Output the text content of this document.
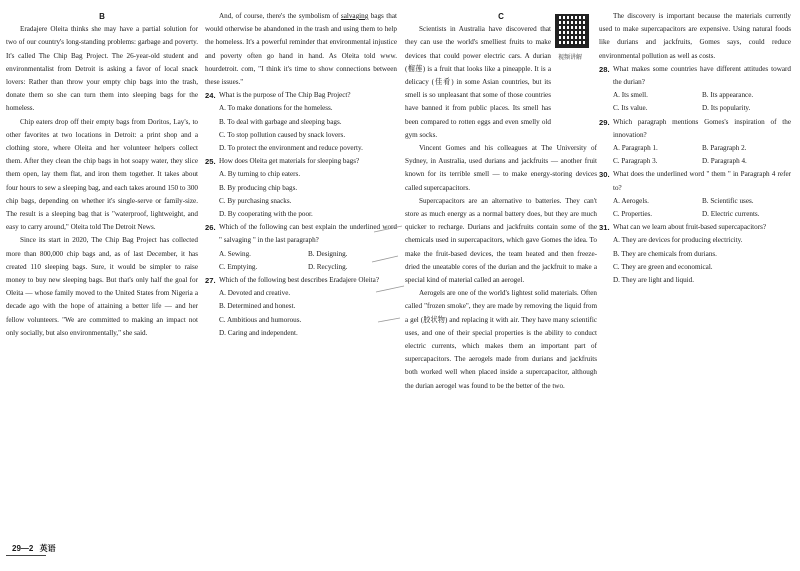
B

Eradajere Oleita thinks she may have a partial solution for two of our country's long-standing problems: garbage and poverty. It's called The Chip Bag Project. The 26-year-old student and environmentalist from Detroit is asking a favor of local snack lovers: Rather than throw your empty chip bags into the trash, donate them so she can turn them into sleeping bags for the homeless.

Chip eaters drop off their empty bags from Doritos, Lay's, to other favorites at two locations in Detroit: a print shop and a clothing store, where Oleita and her volunteer helpers collect them. After they clean the chip bags in hot soapy water, they slice them open, lay them flat, and iron them together. It takes about four hours to sew a sleeping bag, and each takes around 150 to 300 chip bags, depending on whether it's single-serve or family-size. The result is a sleeping bag that is "waterproof, lightweight, and easy to carry around," Oleita told The Detroit News.

Since its start in 2020, The Chip Bag Project has collected more than 800,000 chip bags and, as of last December, it has created 110 sleeping bags. Sure, it would be simpler to raise money to buy new sleeping bags. But that's only half the goal for Oleita — whose family moved to the United States from Nigeria a decade ago with the hope of attaining a better life — and her fellow volunteers. "We are committed to making an impact not only socially, but also environmentally," she said.

And, of course, there's the symbolism of salvaging bags that would otherwise be abandoned in the trash and using them to help the homeless. It's a powerful reminder that environmental injustice and poverty often go hand in hand. As Oleita told www. hourdetroit. com, "I think it's time to show connections between these issues."

24. What is the purpose of The Chip Bag Project?
A. To make donations for the homeless.
B. To deal with garbage and sleeping bags.
C. To stop pollution caused by snack lovers.
D. To protect the environment and reduce poverty.
25. How does Oleita get materials for sleeping bags?
A. By turning to chip eaters.
B. By producing chip bags.
C. By purchasing snacks.
D. By cooperating with the poor.
26. Which of the following can best explain the underlined word " salvaging " in the last paragraph?
A. Sewing.	B. Designing.
C. Emptying.	D. Recycling.
27. Which of the following best describes Eradajere Oleita?
A. Devoted and creative.
B. Determined and honest.
C. Ambitious and humorous.
D. Caring and independent.

C

Scientists in Australia have discovered that they can use the world's smelliest fruits to make devices that could power electric cars. A durian (榴莲) is a fruit that looks like a pineapple. It is a delicacy (佳肴) in some Asian countries, but its smell is so unpleasant that some of those countries have banned it from public places. Its smell has been compared to rotten eggs and even smelly old gym socks.

Vincent Gomes and his colleagues at The University of Sydney, in Australia, used durians and jackfruits — another fruit known for its terrible smell — to make energy-storing devices called supercapacitors.

Supercapacitors are an alternative to batteries. They can't store as much energy as a normal battery does, but they are much quicker to recharge. Durians and jackfruits contain some of the chemicals used in supercapacitors, which gave Gomes the idea. To make the fruit-based devices, the team heated and then freeze-dried the uneatable cores of the durian and the jackfruit to make a special kind of material called an aerogel.

Aerogels are one of the world's lightest solid materials. Often called "frozen smoke", they are made by removing the liquid from a gel (胶状物) and replacing it with air. They have many scientific uses, and one of their special properties is the ability to conduct electric currents, which makes them an important part of supercapacitors. The aerogels made from durians and jackfruits both worked well when placed inside a supercapacitor, although the durian aerogel was found to be the better of the two.

视频讲解

The discovery is important because the materials currently used to make supercapacitors are expensive. Using natural foods like durians and jackfruits, Gomes says, could reduce environmental pollution as well as costs.

28. What makes some countries have different attitudes toward the durian?
A. Its smell.	B. Its appearance.
C. Its value.	D. Its popularity.
29. Which paragraph mentions Gomes's inspiration of the innovation?
A. Paragraph 1.	B. Paragraph 2.
C. Paragraph 3.	D. Paragraph 4.
30. What does the underlined word " them " in Paragraph 4 refer to?
A. Aerogels.	B. Scientific uses.
C. Properties.	D. Electric currents.
31. What can we learn about fruit-based supercapacitors?
A. They are devices for producing electricity.
B. They are chemicals from durians.
C. They are green and economical.
D. They are light and liquid.
29—2 英语
